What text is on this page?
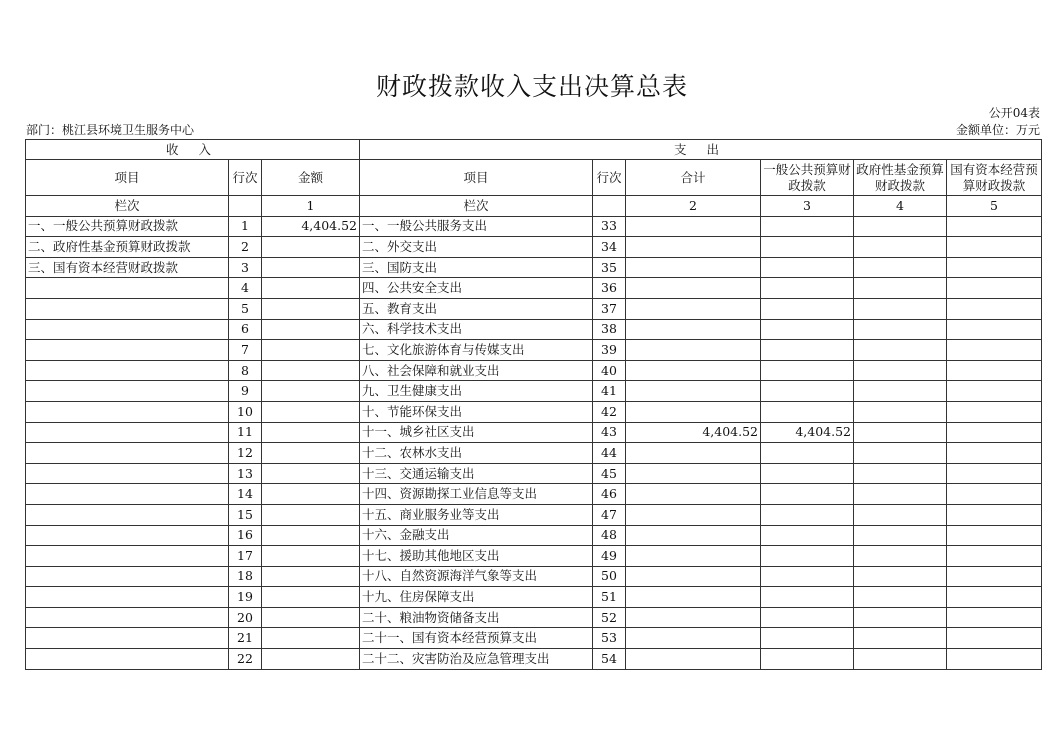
财政拨款收入支出决算总表
公开04表
部门：桃江县环境卫生服务中心	金额单位：万元
收 入			支 出					
项目	行次	金额	项目	行次	合计	一般公共预算财政拨款	政府性基金预算财政拨款	国有资本经营预算财政拨款
栏次		1	栏次		2	3	4	5
一、一般公共预算财政拨款	1	4,404.52	一、一般公共服务支出	33				
二、政府性基金预算财政拨款	2		二、外交支出	34				
三、国有资本经营财政拨款	3		三、国防支出	35				
	4		四、公共安全支出	36				
	5		五、教育支出	37				
	6		六、科学技术支出	38				
	7		七、文化旅游体育与传媒支出	39				
	8		八、社会保障和就业支出	40				
	9		九、卫生健康支出	41				
	10		十、节能环保支出	42				
	11		十一、城乡社区支出	43	4,404.52	4,404.52		
	12		十二、农林水支出	44				
	13		十三、交通运输支出	45				
	14		十四、资源勘探工业信息等支出	46				
	15		十五、商业服务业等支出	47				
	16		十六、金融支出	48				
	17		十七、援助其他地区支出	49				
	18		十八、自然资源海洋气象等支出	50				
	19		十九、住房保障支出	51				
	20		二十、粮油物资储备支出	52				
	21		二十一、国有资本经营预算支出	53				
	22		二十二、灾害防治及应急管理支出	54				
